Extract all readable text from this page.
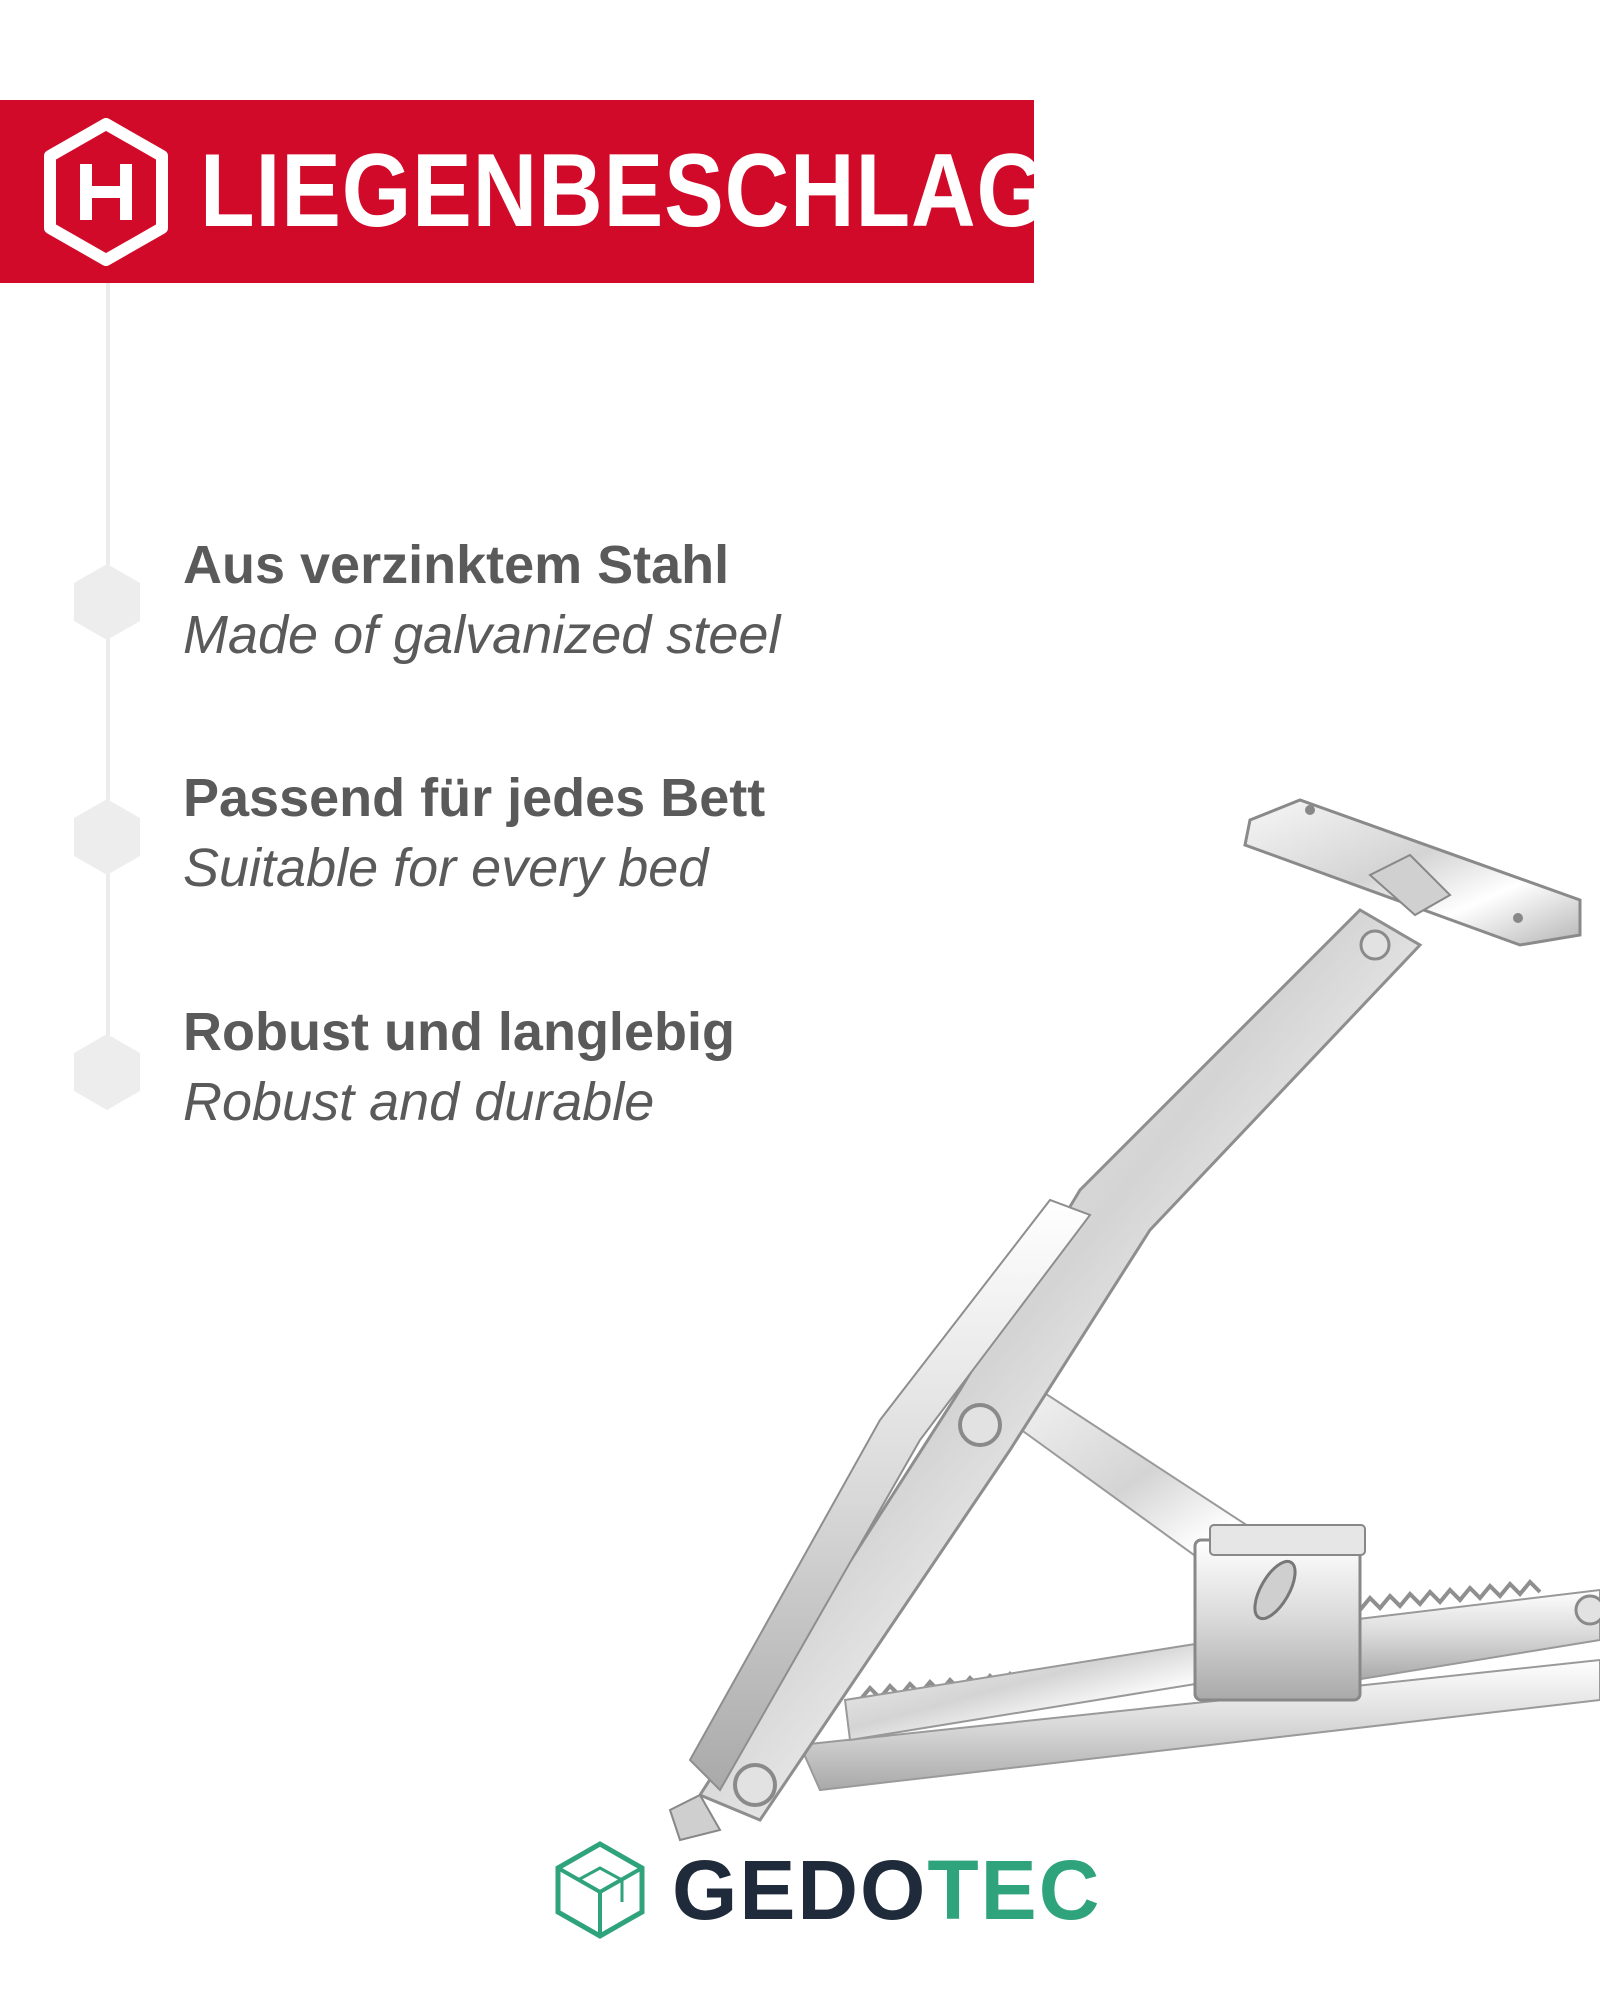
LIEGENBESCHLAG
Aus verzinktem Stahl
Made of galvanized steel
Passend für jedes Bett
Suitable for every bed
Robust und langlebig
Robust and durable
GEDOTEC
